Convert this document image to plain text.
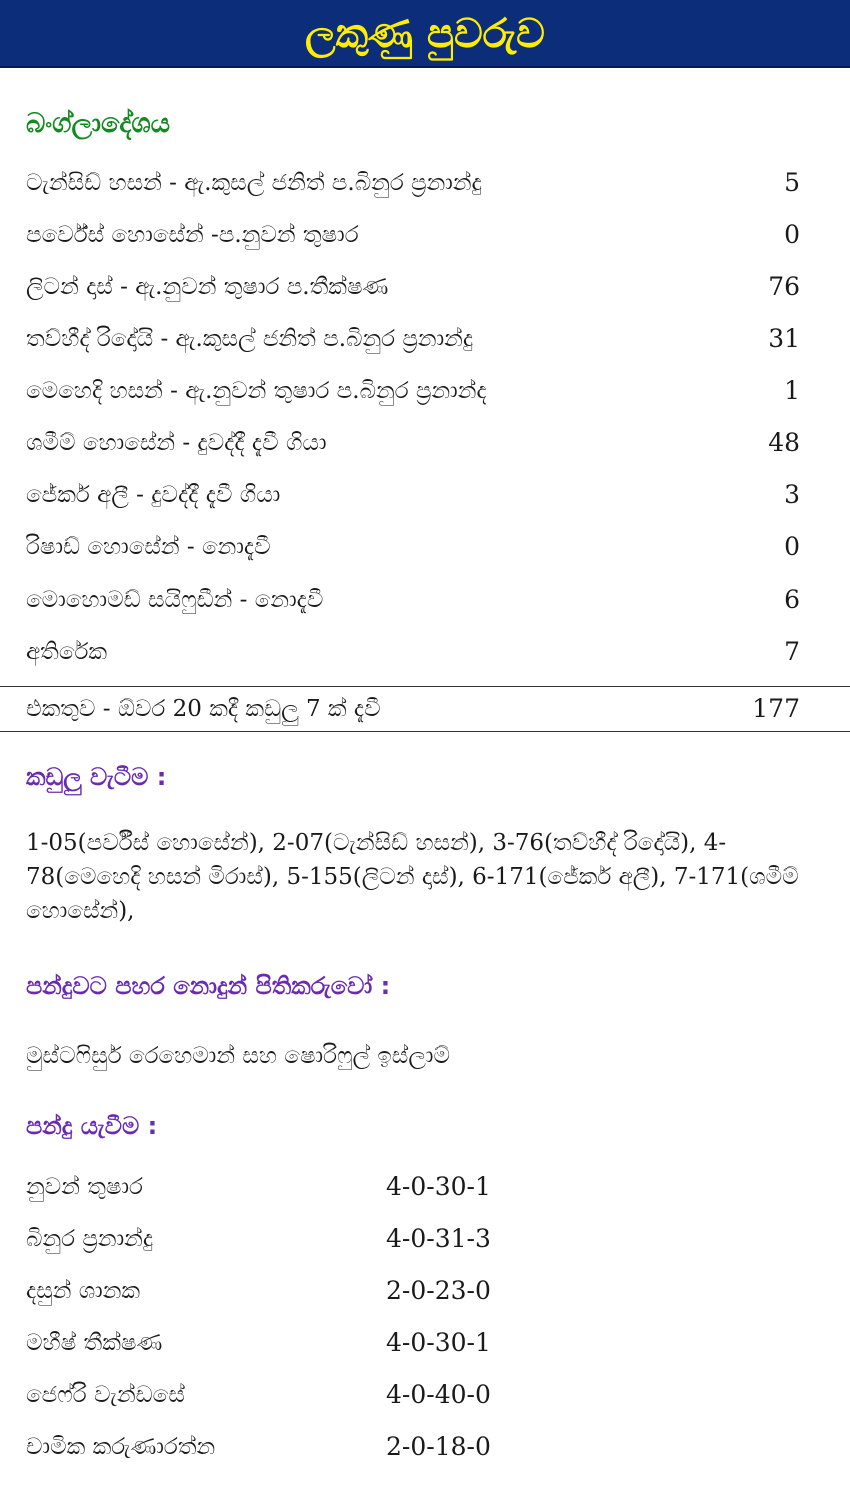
ලකුණු පුවරුව
බංග්ලාදේශය
ටැන්සිඩ් හසන් - ඇ.කුසල් ජනිත් ප.බිනුර ප්‍රනාන්දු	5
පර්වේස් හොසේන් -ප.නුවන් තුෂාර	0
ලිටන් දාස් - ඇ.නුවන් තුෂාර ප.තීක්ෂණ	76
තව්හීද් රිදෝයි - ඇ.කුසල් ජනිත් ප.බිනුර ප්‍රනාන්දු	31
මෙහෙදි හසන් - ඇ.නුවන් තුෂාර ප.බිනුර ප්‍රනාන්ද	1
ශමීම් හොසේන් - දුවද්දී දැවී ගියා	48
ජේකර් අලී - දුවද්දී දැවී ගියා	3
රිෂාඩ් හොසේන් - නොදැවී	0
මොහොමඩ් සයිෆුඩීන් - නොදැවී	6
අතිරේක	7
එකතුව - ඕවර 20 කදී කඩුලු 7 ක් දැවී	177
කඩුලු වැටීම :
1-05(පර්වීස් හොසේන්), 2-07(ටැන්සිඩ් හසන්), 3-76(තව්හීද් රිදෝයි), 4-78(මෙහෙදි හසන් මිරාස්), 5-155(ලිටන් දාස්), 6-171(ජේකර් අලී), 7-171(ශමීම් හොසේන්),
පන්දුවට පහර නොදුන් පිතිකරුවෝ :
මුස්ටෆිසුර් රෙහෙමාන් සහ ෂොරිෆුල් ඉස්ලාම්
පන්දු යැවීම :
නුවන් තුෂාර	4-0-30-1
බිනුර ප්‍රනාන්දු	4-0-31-3
දසුන් ශානක	2-0-23-0
මහීෂ් තීක්ෂණ	4-0-30-1
ජෙෆ්රි වැන්ඩසේ	4-0-40-0
චාමික කරුණාරත්න	2-0-18-0
